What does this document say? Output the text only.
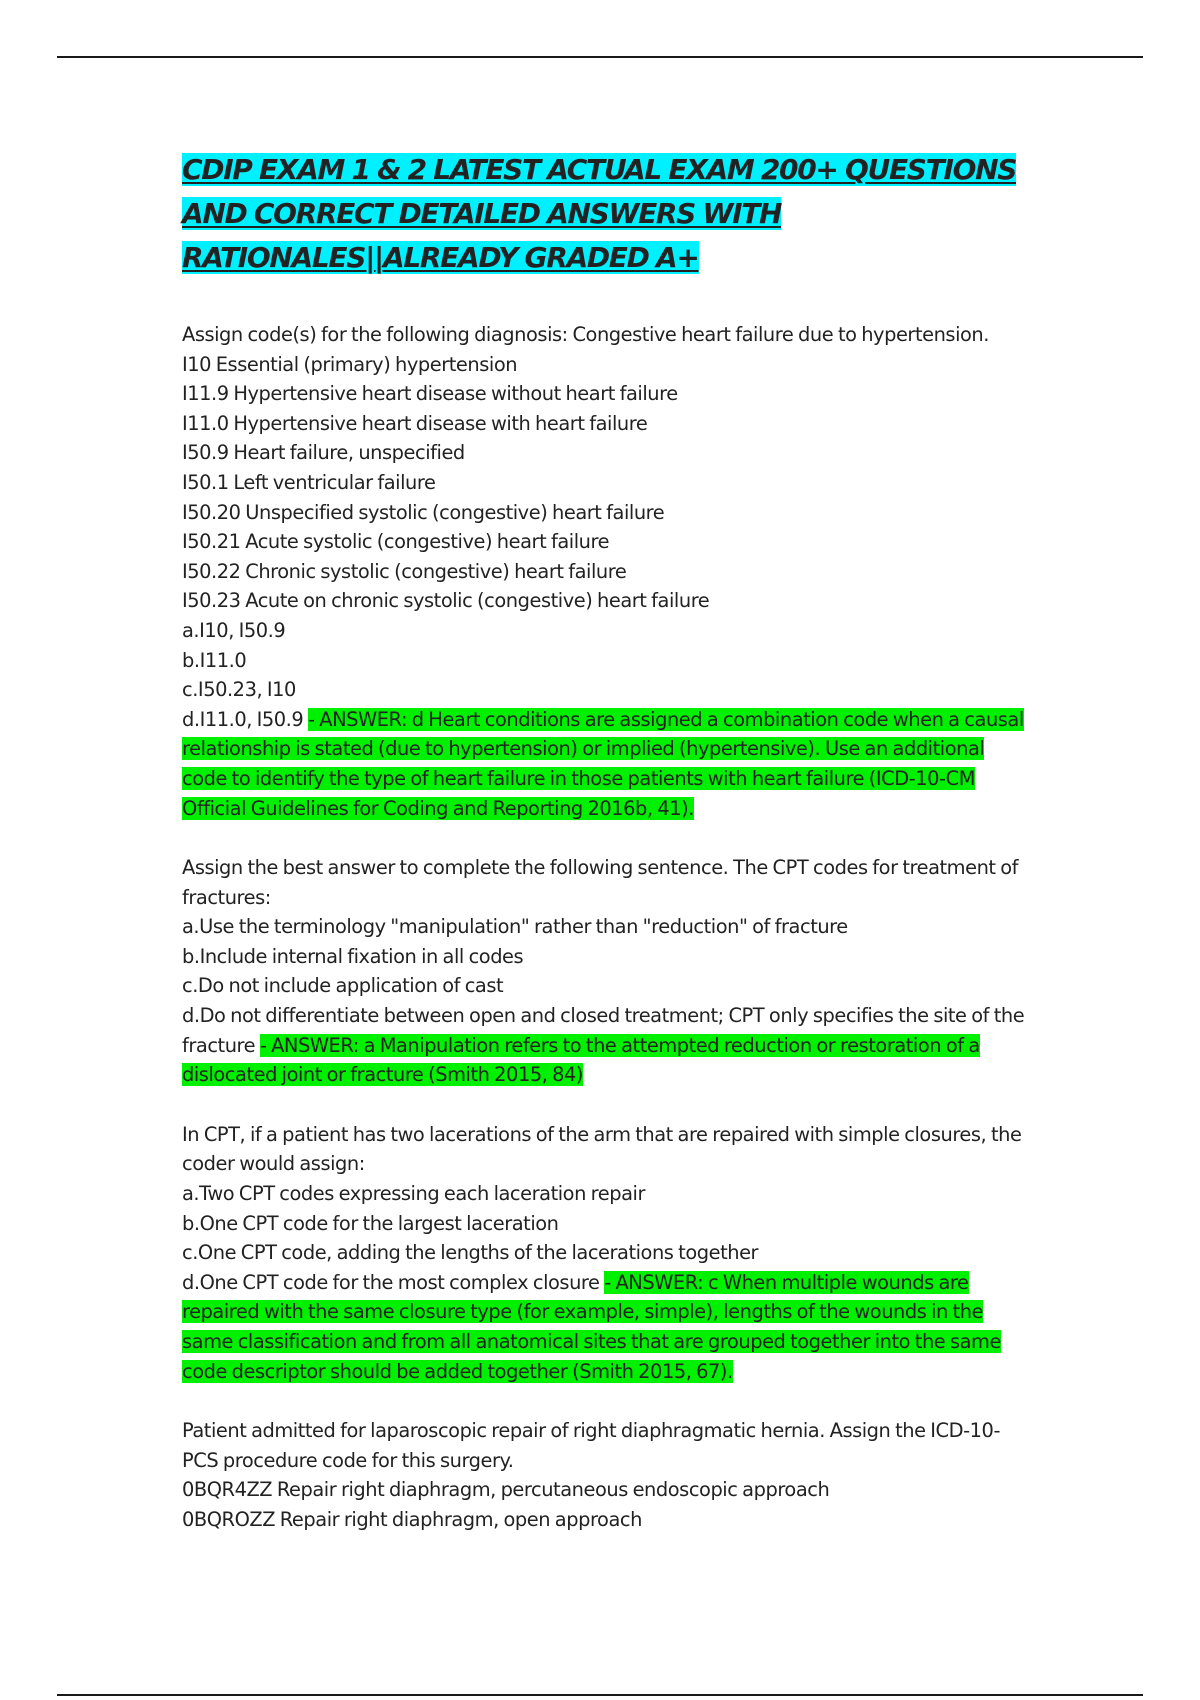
CDIP EXAM 1 & 2 LATEST ACTUAL EXAM 200+ QUESTIONS AND CORRECT DETAILED ANSWERS WITH RATIONALES||ALREADY GRADED A+

Assign code(s) for the following diagnosis: Congestive heart failure due to hypertension.

I10 Essential (primary) hypertension

I11.9 Hypertensive heart disease without heart failure

I11.0 Hypertensive heart disease with heart failure

I50.9 Heart failure, unspecified

I50.1 Left ventricular failure

I50.20 Unspecified systolic (congestive) heart failure

I50.21 Acute systolic (congestive) heart failure

I50.22 Chronic systolic (congestive) heart failure

I50.23 Acute on chronic systolic (congestive) heart failure

a.I10, I50.9

b.I11.0

c.I50.23, I10

d.I11.0, I50.9 - ANSWER: d Heart conditions are assigned a combination code when a causal relationship is stated (due to hypertension) or implied (hypertensive). Use an additional code to identify the type of heart failure in those patients with heart failure (ICD-10-CM Official Guidelines for Coding and Reporting 2016b, 41).

Assign the best answer to complete the following sentence. The CPT codes for treatment of fractures:

a.Use the terminology "manipulation" rather than "reduction" of fracture

b.Include internal fixation in all codes

c.Do not include application of cast

d.Do not differentiate between open and closed treatment; CPT only specifies the site of the fracture - ANSWER: a Manipulation refers to the attempted reduction or restoration of a dislocated joint or fracture (Smith 2015, 84)

In CPT, if a patient has two lacerations of the arm that are repaired with simple closures, the coder would assign:

a.Two CPT codes expressing each laceration repair

b.One CPT code for the largest laceration

c.One CPT code, adding the lengths of the lacerations together

d.One CPT code for the most complex closure - ANSWER: c When multiple wounds are repaired with the same closure type (for example, simple), lengths of the wounds in the same classification and from all anatomical sites that are grouped together into the same code descriptor should be added together (Smith 2015, 67).

Patient admitted for laparoscopic repair of right diaphragmatic hernia. Assign the ICD-10-PCS procedure code for this surgery.

0BQR4ZZ Repair right diaphragm, percutaneous endoscopic approach

0BQROZZ Repair right diaphragm, open approach
